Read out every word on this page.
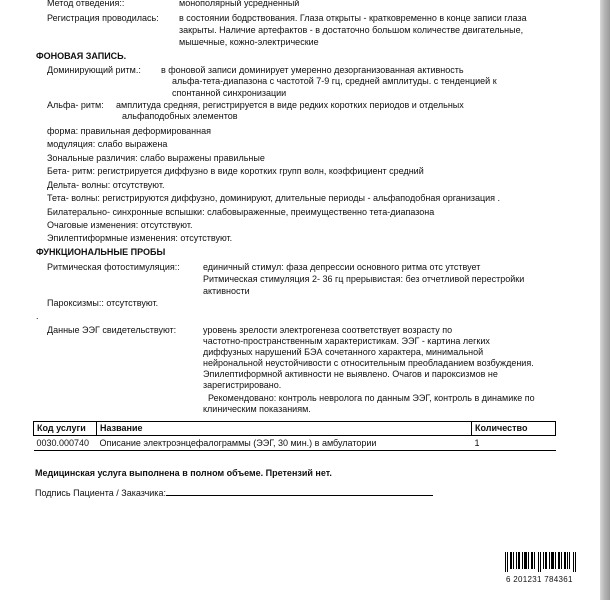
Метод отведения::	монополярный усредненный
Регистрация проводилась: в состоянии бодрствования. Глаза открыты - кратковременно в конце записи глаза
закрыты. Наличие артефактов - в достаточно большом количестве двигательные,
мышечные, кожно-электрические
ФОНОВАЯ ЗАПИСЬ.
Доминирующий ритм.: в фоновой записи доминирует умеренно дезорганизованная активность
альфа-тета-диапазона с частотой 7-9 гц, средней амплитуды. с тенденцией к
спонтанной синхронизации
Альфа- ритм: амплитуда средняя, регистрируется в виде редких коротких периодов и отдельных
альфаподобных элементов
форма: правильная деформированная
модуляция: слабо выражена
Зональные различия: слабо выражены правильные
Бета- ритм: регистрируется диффузно в виде коротких групп волн, коэффициент средний
Дельта- волны: отсутствуют.
Тета- волны: регистрируются диффузно, доминируют, длительные периоды - альфаподобная организация .
Билатерально- синхронные вспышки: слабовыраженные, преимущественно тета-диапазона
Очаговые изменения: отсутствуют.
Эпилептиформные изменения: отсутствуют.
ФУНКЦИОНАЛЬНЫЕ ПРОБЫ
Ритмическая фотостимуляция::	единичный стимул: фаза депрессии основного ритма отс утствует
Ритмическая стимуляция 2- 36 гц прерывистая: без отчетливой перестройки
активности
Пароксизмы:: отсутствуют.
.
Данные ЭЭГ свидетельствуют:	уровень зрелости электрогенеза соответствует возрасту по
частотно-пространственным характеристикам. ЭЭГ - картина легких
диффузных нарушений БЭА сочетанного характера, минимальной
нейрональной неустойчивости с относительным преобладанием возбуждения.
Эпилептиформной активности не выявлено. Очагов и пароксизмов не
зарегистрировано.
Рекомендовано: контроль невролога по данным ЭЭГ, контроль в динамике по
клиническим показаниям.
Код услуги	Название	Количество
0030.000740	Описание электроэнцефалограммы (ЭЭГ, 30 мин.) в амбулатории	1
Медицинская услуга выполнена в полном объеме. Претензий нет.
Подпись Пациента / Заказчика:
6 201231 784361
